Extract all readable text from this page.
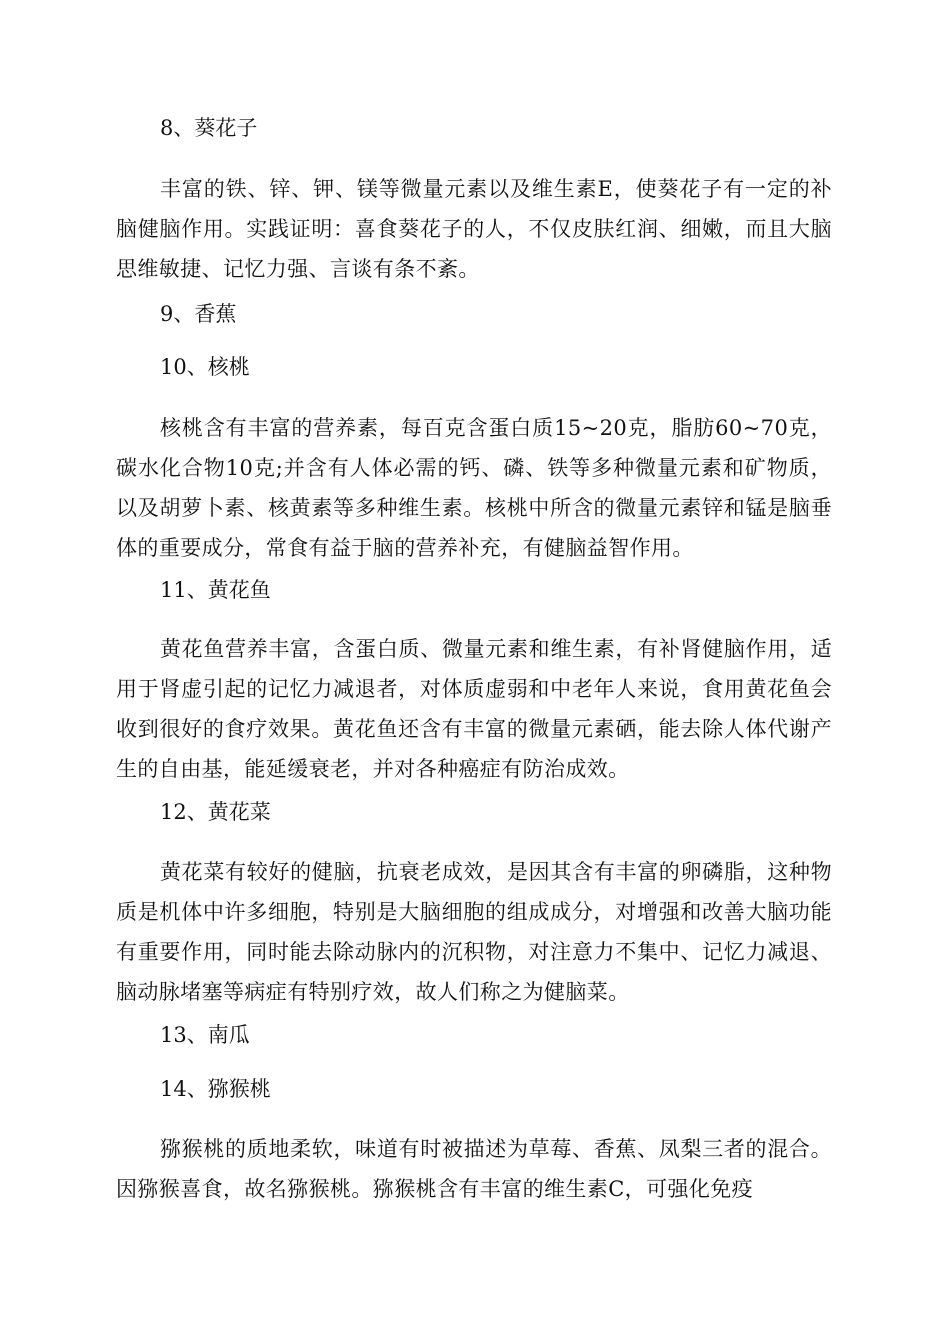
8、葵花子

丰富的铁、锌、钾、镁等微量元素以及维生素E，使葵花子有一定的补脑健脑作用。实践证明：喜食葵花子的人，不仅皮肤红润、细嫩，而且大脑思维敏捷、记忆力强、言谈有条不紊。

9、香蕉

10、核桃

核桃含有丰富的营养素，每百克含蛋白质15~20克，脂肪60~70克，碳水化合物10克;并含有人体必需的钙、磷、铁等多种微量元素和矿物质，以及胡萝卜素、核黄素等多种维生素。核桃中所含的微量元素锌和锰是脑垂体的重要成分，常食有益于脑的营养补充，有健脑益智作用。

11、黄花鱼

黄花鱼营养丰富，含蛋白质、微量元素和维生素，有补肾健脑作用，适用于肾虚引起的记忆力减退者，对体质虚弱和中老年人来说，食用黄花鱼会收到很好的食疗效果。黄花鱼还含有丰富的微量元素硒，能去除人体代谢产生的自由基，能延缓衰老，并对各种癌症有防治成效。

12、黄花菜

黄花菜有较好的健脑，抗衰老成效，是因其含有丰富的卵磷脂，这种物质是机体中许多细胞，特别是大脑细胞的组成成分，对增强和改善大脑功能有重要作用，同时能去除动脉内的沉积物，对注意力不集中、记忆力减退、脑动脉堵塞等病症有特别疗效，故人们称之为健脑菜。

13、南瓜

14、猕猴桃

猕猴桃的质地柔软，味道有时被描述为草莓、香蕉、凤梨三者的混合。因猕猴喜食，故名猕猴桃。猕猴桃含有丰富的维生素C，可强化免疫
